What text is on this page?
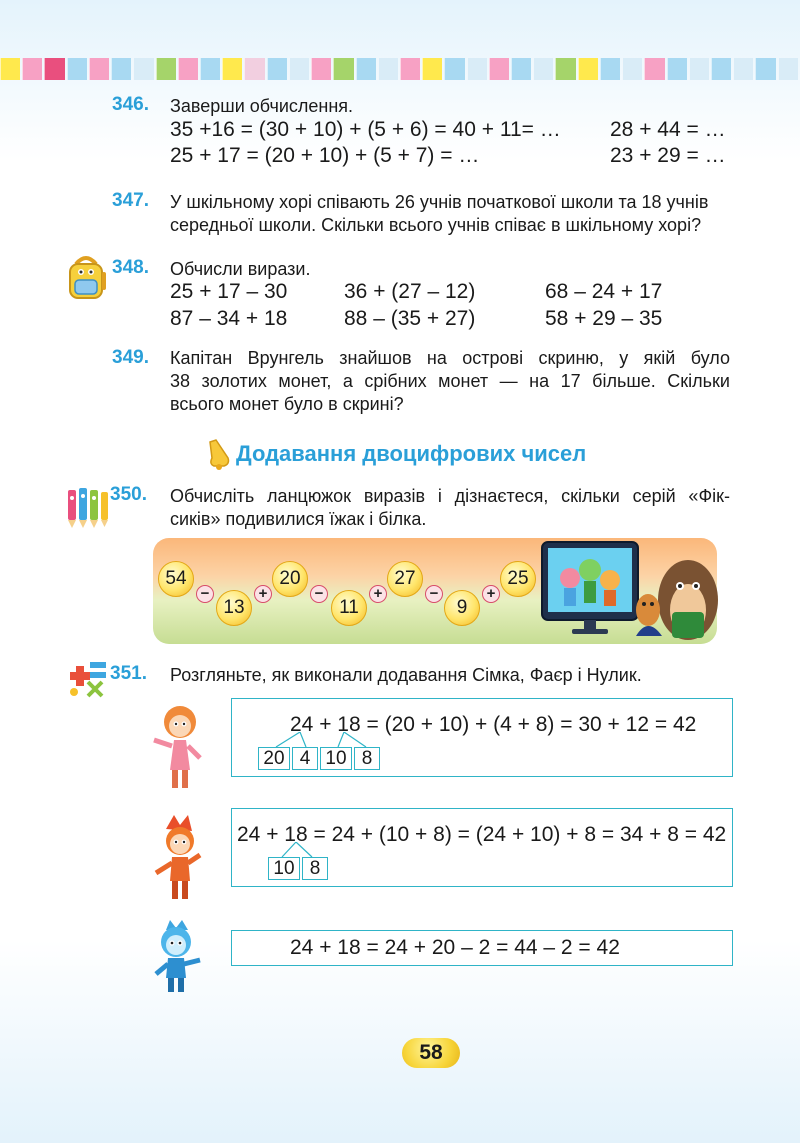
346. Заверши обчислення.
35 +16 = (30 + 10) + (5 + 6) = 40 + 11= … 28 + 44 = …
25 + 17 = (20 + 10) + (5 + 7) = …	23 + 29 = …
347. У шкільному хорі співають 26 учнів початкової школи та 18 учнів
середньої школи. Скільки всього учнів співає в шкільному хорі?
348. Обчисли вирази.
25 + 17 – 30	36 + (27 – 12)	68 – 24 + 17
87 – 34 + 18	88 – (35 + 27)	58 + 29 – 35
349. Капітан Врунгель знайшов на острові скриню, у якій було
38 золотих монет, а срібних монет — на 17 більше. Скільки
всього монет було в скрині?
Додавання двоцифрових чисел
350. Обчисліть ланцюжок виразів і дізнаєтеся, скільки серій «Фік-
сиків» подивилися їжак і білка.
54
−
13
+
20
−
11
+
27
−
9
+
25
351. Розгляньте, як виконали додавання Сімка, Фаєр і Нулик.
24 + 18 = (20 + 10) + (4 + 8) = 30 + 12 = 42
20 4 10 8
24 + 18 = 24 + (10 + 8) = (24 + 10) + 8 = 34 + 8 = 42
10 8
24 + 18 = 24 + 20 – 2 = 44 – 2 = 42
58
